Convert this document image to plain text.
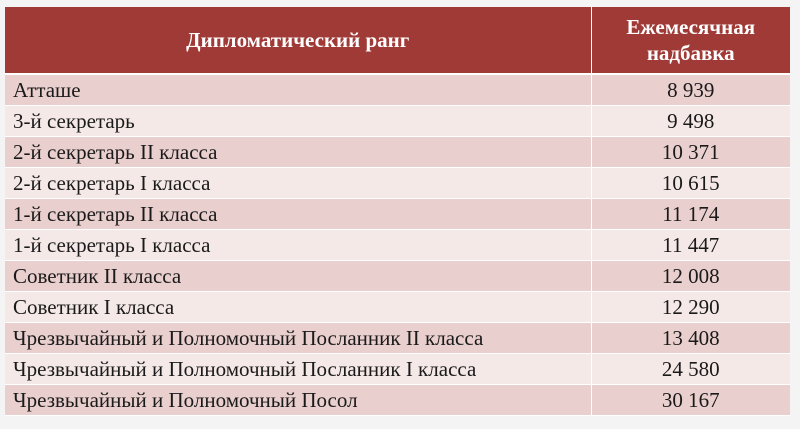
Дипломатический ранг	Ежемесячная надбавка
Атташе	8 939
3-й секретарь	9 498
2-й секретарь II класса	10 371
2-й секретарь I класса	10 615
1-й секретарь II класса	11 174
1-й секретарь I класса	11 447
Советник II класса	12 008
Советник I класса	12 290
Чрезвычайный и Полномочный Посланник II класса	13 408
Чрезвычайный и Полномочный Посланник I класса	24 580
Чрезвычайный и Полномочный Посол	30 167
